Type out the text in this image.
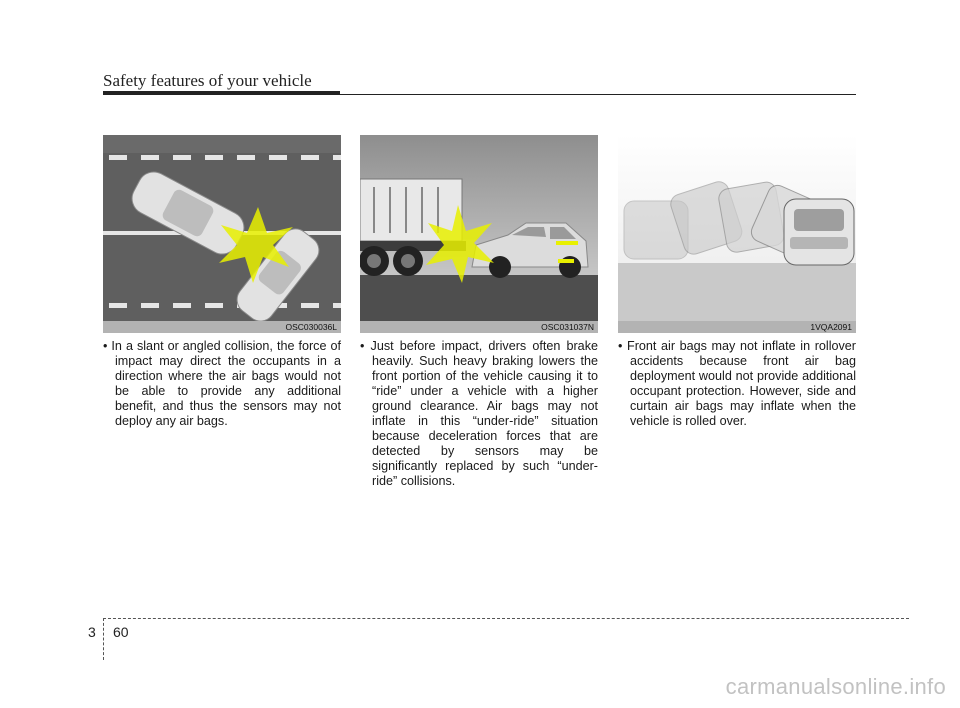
Safety features of your vehicle
OSC030036L
• In a slant or angled collision, the force of impact may direct the occupants in a direction where the air bags would not be able to provide any additional benefit, and thus the sensors may not deploy any air bags.
OSC031037N
• Just before impact, drivers often brake heavily. Such heavy braking lowers the front portion of the vehicle causing it to “ride” under a vehicle with a higher ground clearance. Air bags may not inflate in this “under-ride” situation because deceleration forces that are detected by sensors may be significantly replaced by such “under-ride” collisions.
1VQA2091
• Front air bags may not inflate in rollover accidents because front air bag deployment would not provide additional occupant protection. However, side and curtain air bags may inflate when the vehicle is rolled over.
3 60
carmanualsonline.info
